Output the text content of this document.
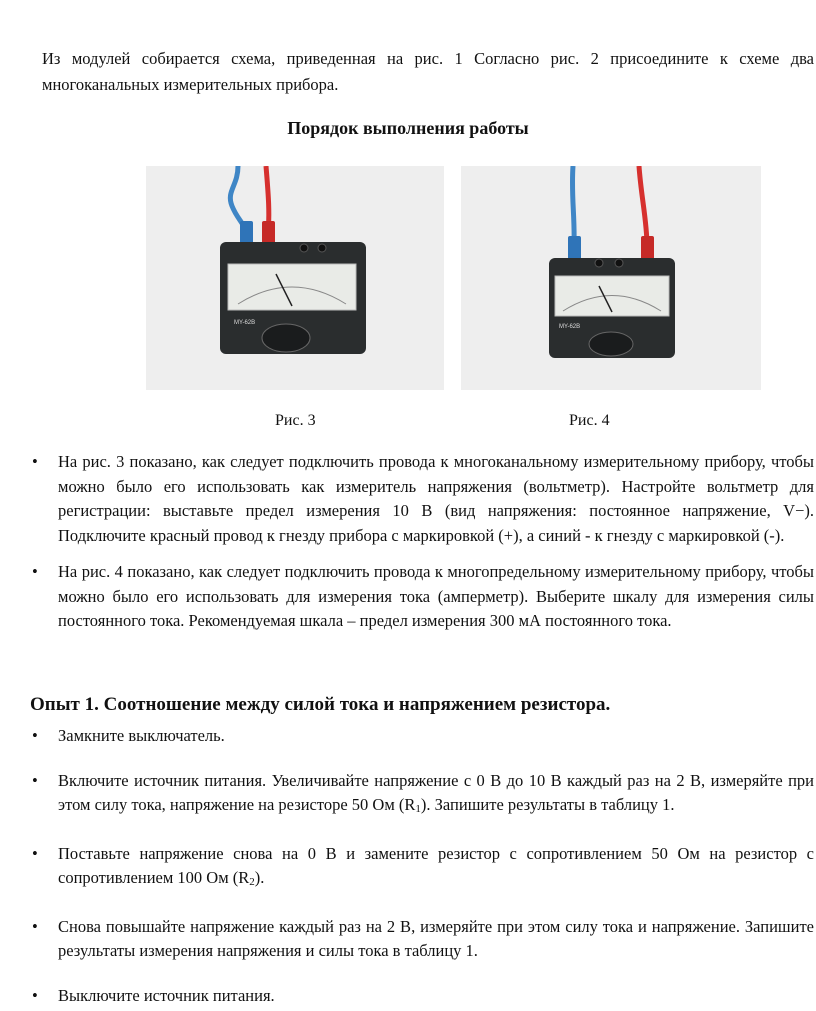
Из модулей собирается схема, приведенная на рис. 1 Согласно рис. 2 присоедините к схеме два многоканальных измерительных прибора.
Порядок выполнения работы
MY-62B
MY-62B
Рис. 3	Рис. 4
• На рис. 3 показано, как следует подключить провода к многоканальному измерительному прибору, чтобы можно было его использовать как измеритель напряжения (вольтметр). Настройте вольтметр для регистрации: выставьте предел измерения 10 В (вид напряжения: постоянное напряжение, V−). Подключите красный провод к гнезду прибора с маркировкой (+), а синий - к гнезду с маркировкой (-).
• На рис. 4 показано, как следует подключить провода к многопредельному измерительному прибору, чтобы можно было его использовать для измерения тока (амперметр). Выберите шкалу для измерения силы постоянного тока. Рекомендуемая шкала – предел измерения 300 мА постоянного тока.
Опыт 1. Соотношение между силой тока и напряжением резистора.
• Замкните выключатель.
• Включите источник питания. Увеличивайте напряжение с 0 В до 10 В каждый раз на 2 В, измеряйте при этом силу тока, напряжение на резисторе 50 Ом $(R_1)$. Запишите результаты в таблицу 1.
• Поставьте напряжение снова на 0 В и замените резистор с сопротивлением 50 Ом на резистор с сопротивлением 100 Ом $(R_2)$.
• Снова повышайте напряжение каждый раз на 2 В, измеряйте при этом силу тока и напряжение. Запишите результаты измерения напряжения и силы тока в таблицу 1.
• Выключите источник питания.
